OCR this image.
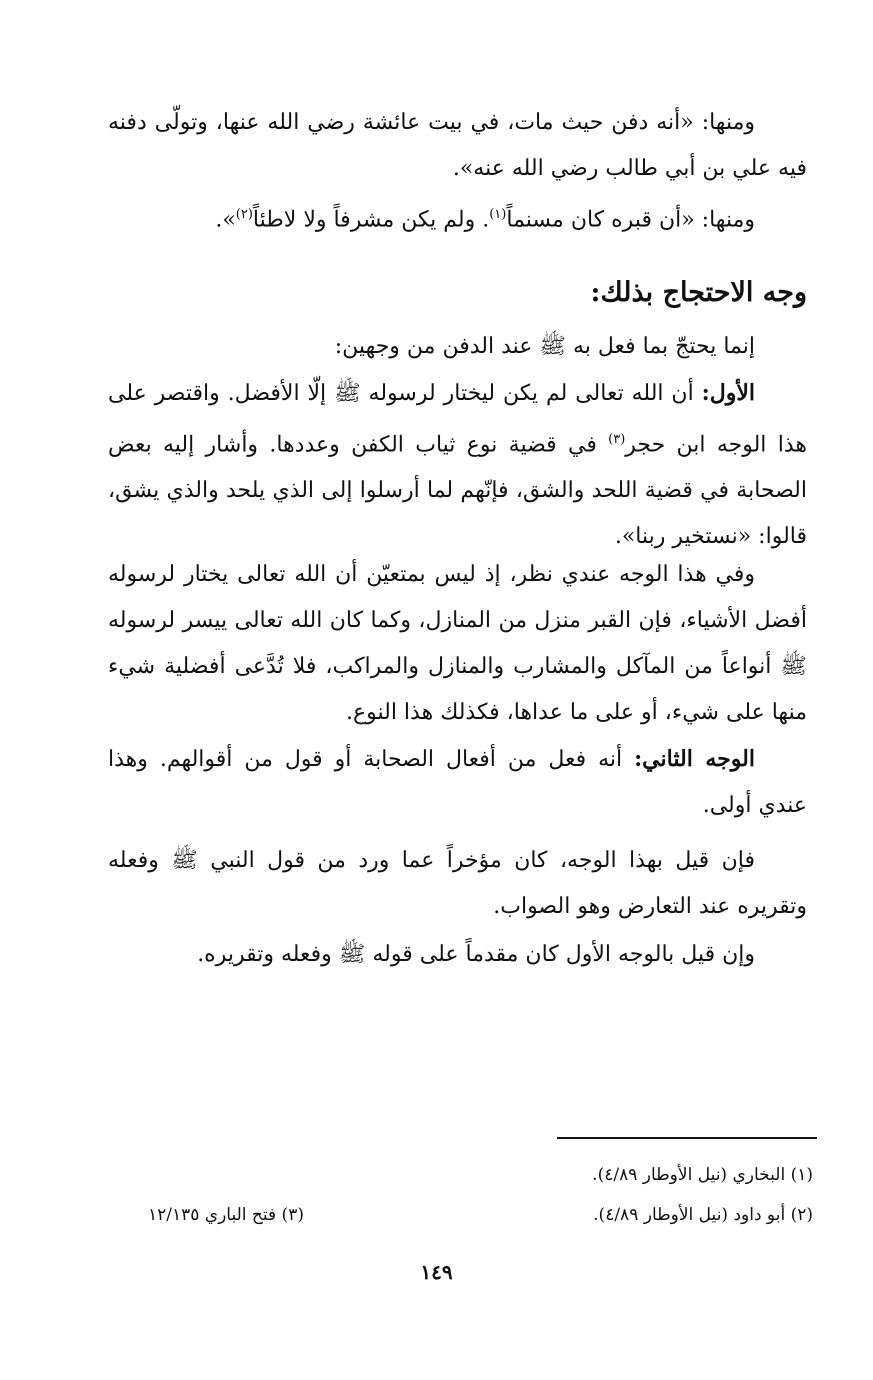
ومنها: «أنه دفن حيث مات، في بيت عائشة رضي الله عنها، وتولّى دفنه فيه علي بن أبي طالب رضي الله عنه».

ومنها: «أن قبره كان مسنماً$^{(١)}$. ولم يكن مشرفاً ولا لاطئاً$^{(٢)}$».

وجه الاحتجاج بذلك:

إنما يحتجّ بما فعل به ﷺ عند الدفن من وجهين:

الأول: أن الله تعالى لم يكن ليختار لرسوله ﷺ إلّا الأفضل. واقتصر على هذا الوجه ابن حجر$^{(٣)}$ في قضية نوع ثياب الكفن وعددها. وأشار إليه بعض الصحابة في قضية اللحد والشق، فإنّهم لما أرسلوا إلى الذي يلحد والذي يشق، قالوا: «نستخير ربنا».

وفي هذا الوجه عندي نظر، إذ ليس بمتعيّن أن الله تعالى يختار لرسوله أفضل الأشياء، فإن القبر منزل من المنازل، وكما كان الله تعالى ييسر لرسوله ﷺ أنواعاً من المآكل والمشارب والمنازل والمراكب، فلا تُدَّعى أفضلية شيء منها على شيء، أو على ما عداها، فكذلك هذا النوع.

الوجه الثاني: أنه فعل من أفعال الصحابة أو قول من أقوالهم. وهذا عندي أولى.

فإن قيل بهذا الوجه، كان مؤخراً عما ورد من قول النبي ﷺ وفعله وتقريره عند التعارض وهو الصواب.

وإن قيل بالوجه الأول كان مقدماً على قوله ﷺ وفعله وتقريره.

(١) البخاري (نيل الأوطار ٤/٨٩).
(٢) أبو داود (نيل الأوطار ٤/٨٩).
(٣) فتح الباري ١٢/١٣٥
١٤٩
